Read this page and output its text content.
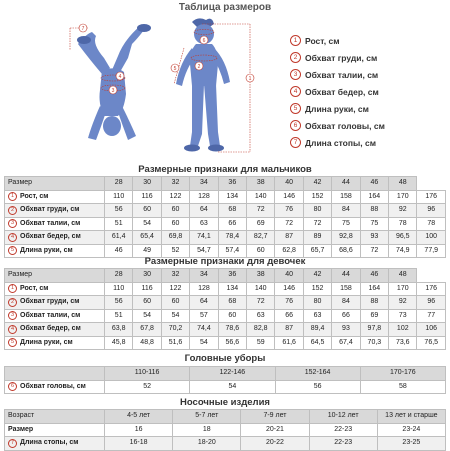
Таблица размеров
7
4
3
1
6
2
5
1 Рост, см
2 Обхват груди, см
3 Обхват талии, см
4 Обхват бедер, см
5 Длина руки, см
6 Обхват головы, см
7 Длина стопы, см
Размерные признаки для мальчиков
Размер	28	30	32	34	36	38	40	42	44	46	48	

1 Рост, см	110	116	122	128	134	140	146	152	158	164	170	176

2 Обхват груди, см	56	60	60	64	68	72	76	80	84	88	92	96

3 Обхват талии, см	51	54	60	63	66	69	72	72	75	75	78	78

4 Обхват бедер, см	61,4	65,4	69,8	74,1	78,4	82,7	87	89	92,8	93	96,5	100

5 Длина руки, см	46	49	52	54,7	57,4	60	62,8	65,7	68,6	72	74,9	77,9
Размерные признаки для девочек
Размер	28	30	32	34	36	38	40	42	44	46	48	

1 Рост, см	110	116	122	128	134	140	146	152	158	164	170	176

2 Обхват груди, см	56	60	60	64	68	72	76	80	84	88	92	96

3 Обхват талии, см	51	54	54	57	60	63	66	63	66	69	73	77

4 Обхват бедер, см	63,8	67,8	70,2	74,4	78,6	82,8	87	89,4	93	97,8	102	106

5 Длина руки, см	45,8	48,8	51,6	54	56,6	59	61,6	64,5	67,4	70,3	73,6	76,5
Головные уборы
	110-116	122-146	152-164	170-176

6 Обхват головы, см	52	54	56	58
Носочные изделия
Возраст	4-5 лет	5-7 лет	7-9 лет	10-12 лет	13 лет и старше

Размер	16	18	20-21	22-23	23-24

7 Длина стопы, см	16-18	18-20	20-22	22-23	23-25
